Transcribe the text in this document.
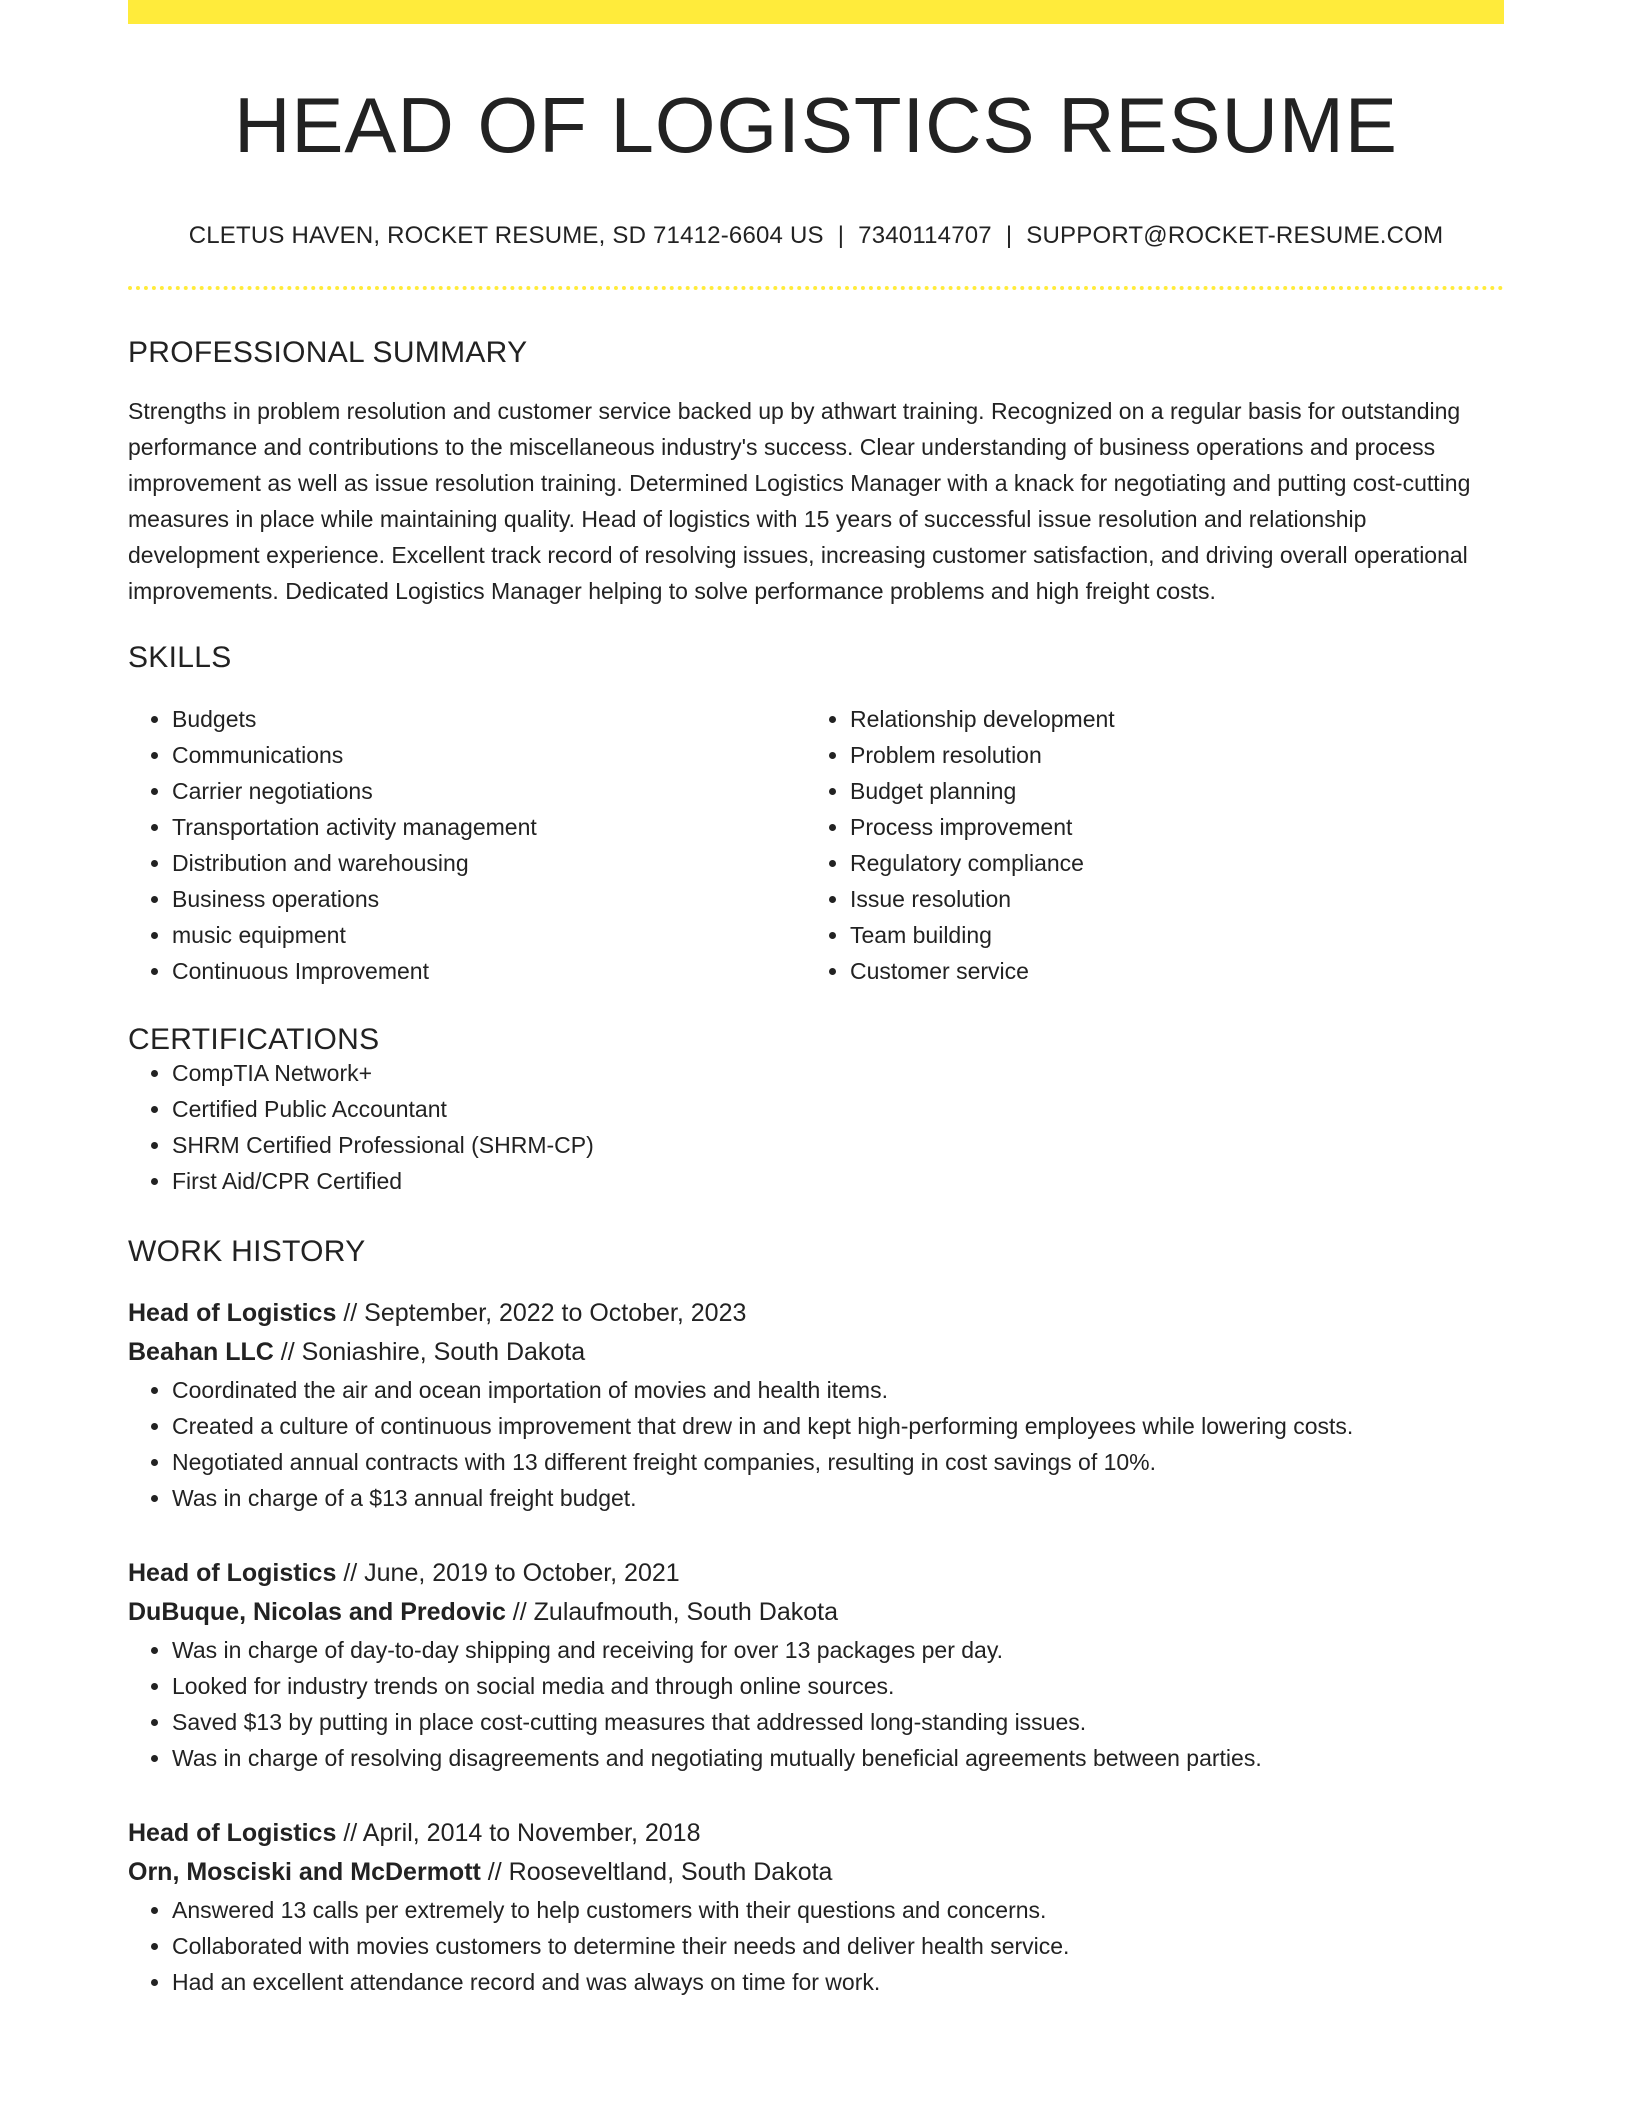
HEAD OF LOGISTICS RESUME
CLETUS HAVEN, ROCKET RESUME, SD 71412-6604 US | 7340114707 | SUPPORT@ROCKET-RESUME.COM
PROFESSIONAL SUMMARY

Strengths in problem resolution and customer service backed up by athwart training. Recognized on a regular basis for outstanding performance and contributions to the miscellaneous industry's success. Clear understanding of business operations and process improvement as well as issue resolution training. Determined Logistics Manager with a knack for negotiating and putting cost-cutting measures in place while maintaining quality. Head of logistics with 15 years of successful issue resolution and relationship development experience. Excellent track record of resolving issues, increasing customer satisfaction, and driving overall operational improvements. Dedicated Logistics Manager helping to solve performance problems and high freight costs.

SKILLS
• Budgets
• Communications
• Carrier negotiations
• Transportation activity management
• Distribution and warehousing
• Business operations
• music equipment
• Continuous Improvement
• Relationship development
• Problem resolution
• Budget planning
• Process improvement
• Regulatory compliance
• Issue resolution
• Team building
• Customer service
CERTIFICATIONS
• CompTIA Network+
• Certified Public Accountant
• SHRM Certified Professional (SHRM-CP)
• First Aid/CPR Certified
WORK HISTORY
Head of Logistics // September, 2022 to October, 2023
Beahan LLC // Soniashire, South Dakota
• Coordinated the air and ocean importation of movies and health items.
• Created a culture of continuous improvement that drew in and kept high-performing employees while lowering costs.
• Negotiated annual contracts with 13 different freight companies, resulting in cost savings of 10%.
• Was in charge of a $13 annual freight budget.
Head of Logistics // June, 2019 to October, 2021
DuBuque, Nicolas and Predovic // Zulaufmouth, South Dakota
• Was in charge of day-to-day shipping and receiving for over 13 packages per day.
• Looked for industry trends on social media and through online sources.
• Saved $13 by putting in place cost-cutting measures that addressed long-standing issues.
• Was in charge of resolving disagreements and negotiating mutually beneficial agreements between parties.
Head of Logistics // April, 2014 to November, 2018
Orn, Mosciski and McDermott // Rooseveltland, South Dakota
• Answered 13 calls per extremely to help customers with their questions and concerns.
• Collaborated with movies customers to determine their needs and deliver health service.
• Had an excellent attendance record and was always on time for work.
